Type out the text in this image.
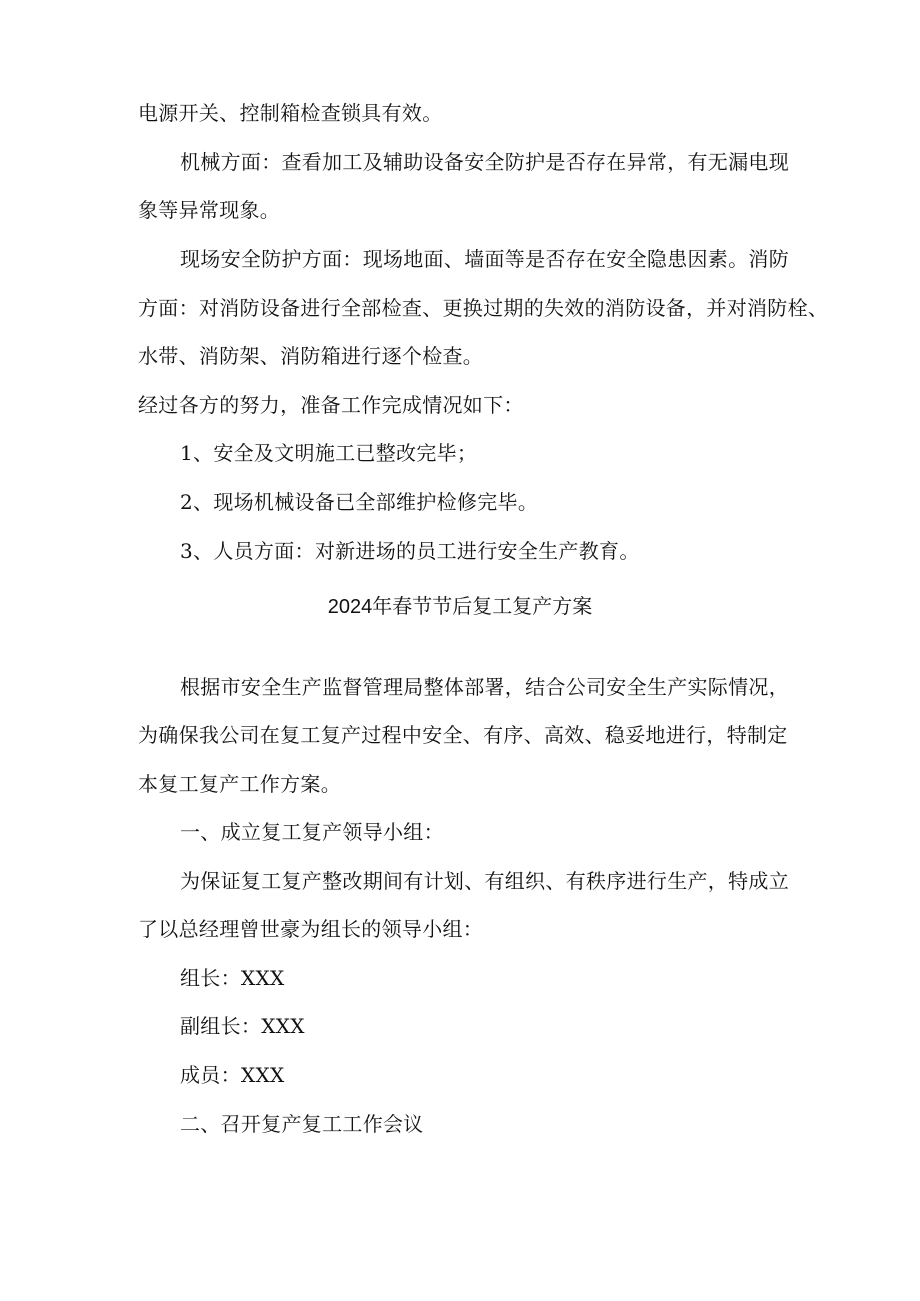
电源开关、控制箱检查锁具有效。
机械方面：查看加工及辅助设备安全防护是否存在异常，有无漏电现
象等异常现象。
现场安全防护方面：现场地面、墙面等是否存在安全隐患因素。消防
方面：对消防设备进行全部检查、更换过期的失效的消防设备，并对消防栓、
水带、消防架、消防箱进行逐个检查。
经过各方的努力，准备工作完成情况如下：
1、安全及文明施工已整改完毕；
2、现场机械设备已全部维护检修完毕。
3、人员方面：对新进场的员工进行安全生产教育。
2024年春节节后复工复产方案
根据市安全生产监督管理局整体部署，结合公司安全生产实际情况，
为确保我公司在复工复产过程中安全、有序、高效、稳妥地进行，特制定
本复工复产工作方案。
一、成立复工复产领导小组：
为保证复工复产整改期间有计划、有组织、有秩序进行生产，特成立
了以总经理曾世豪为组长的领导小组：
组长：XXX
副组长：XXX
成员：XXX
二、召开复产复工工作会议
